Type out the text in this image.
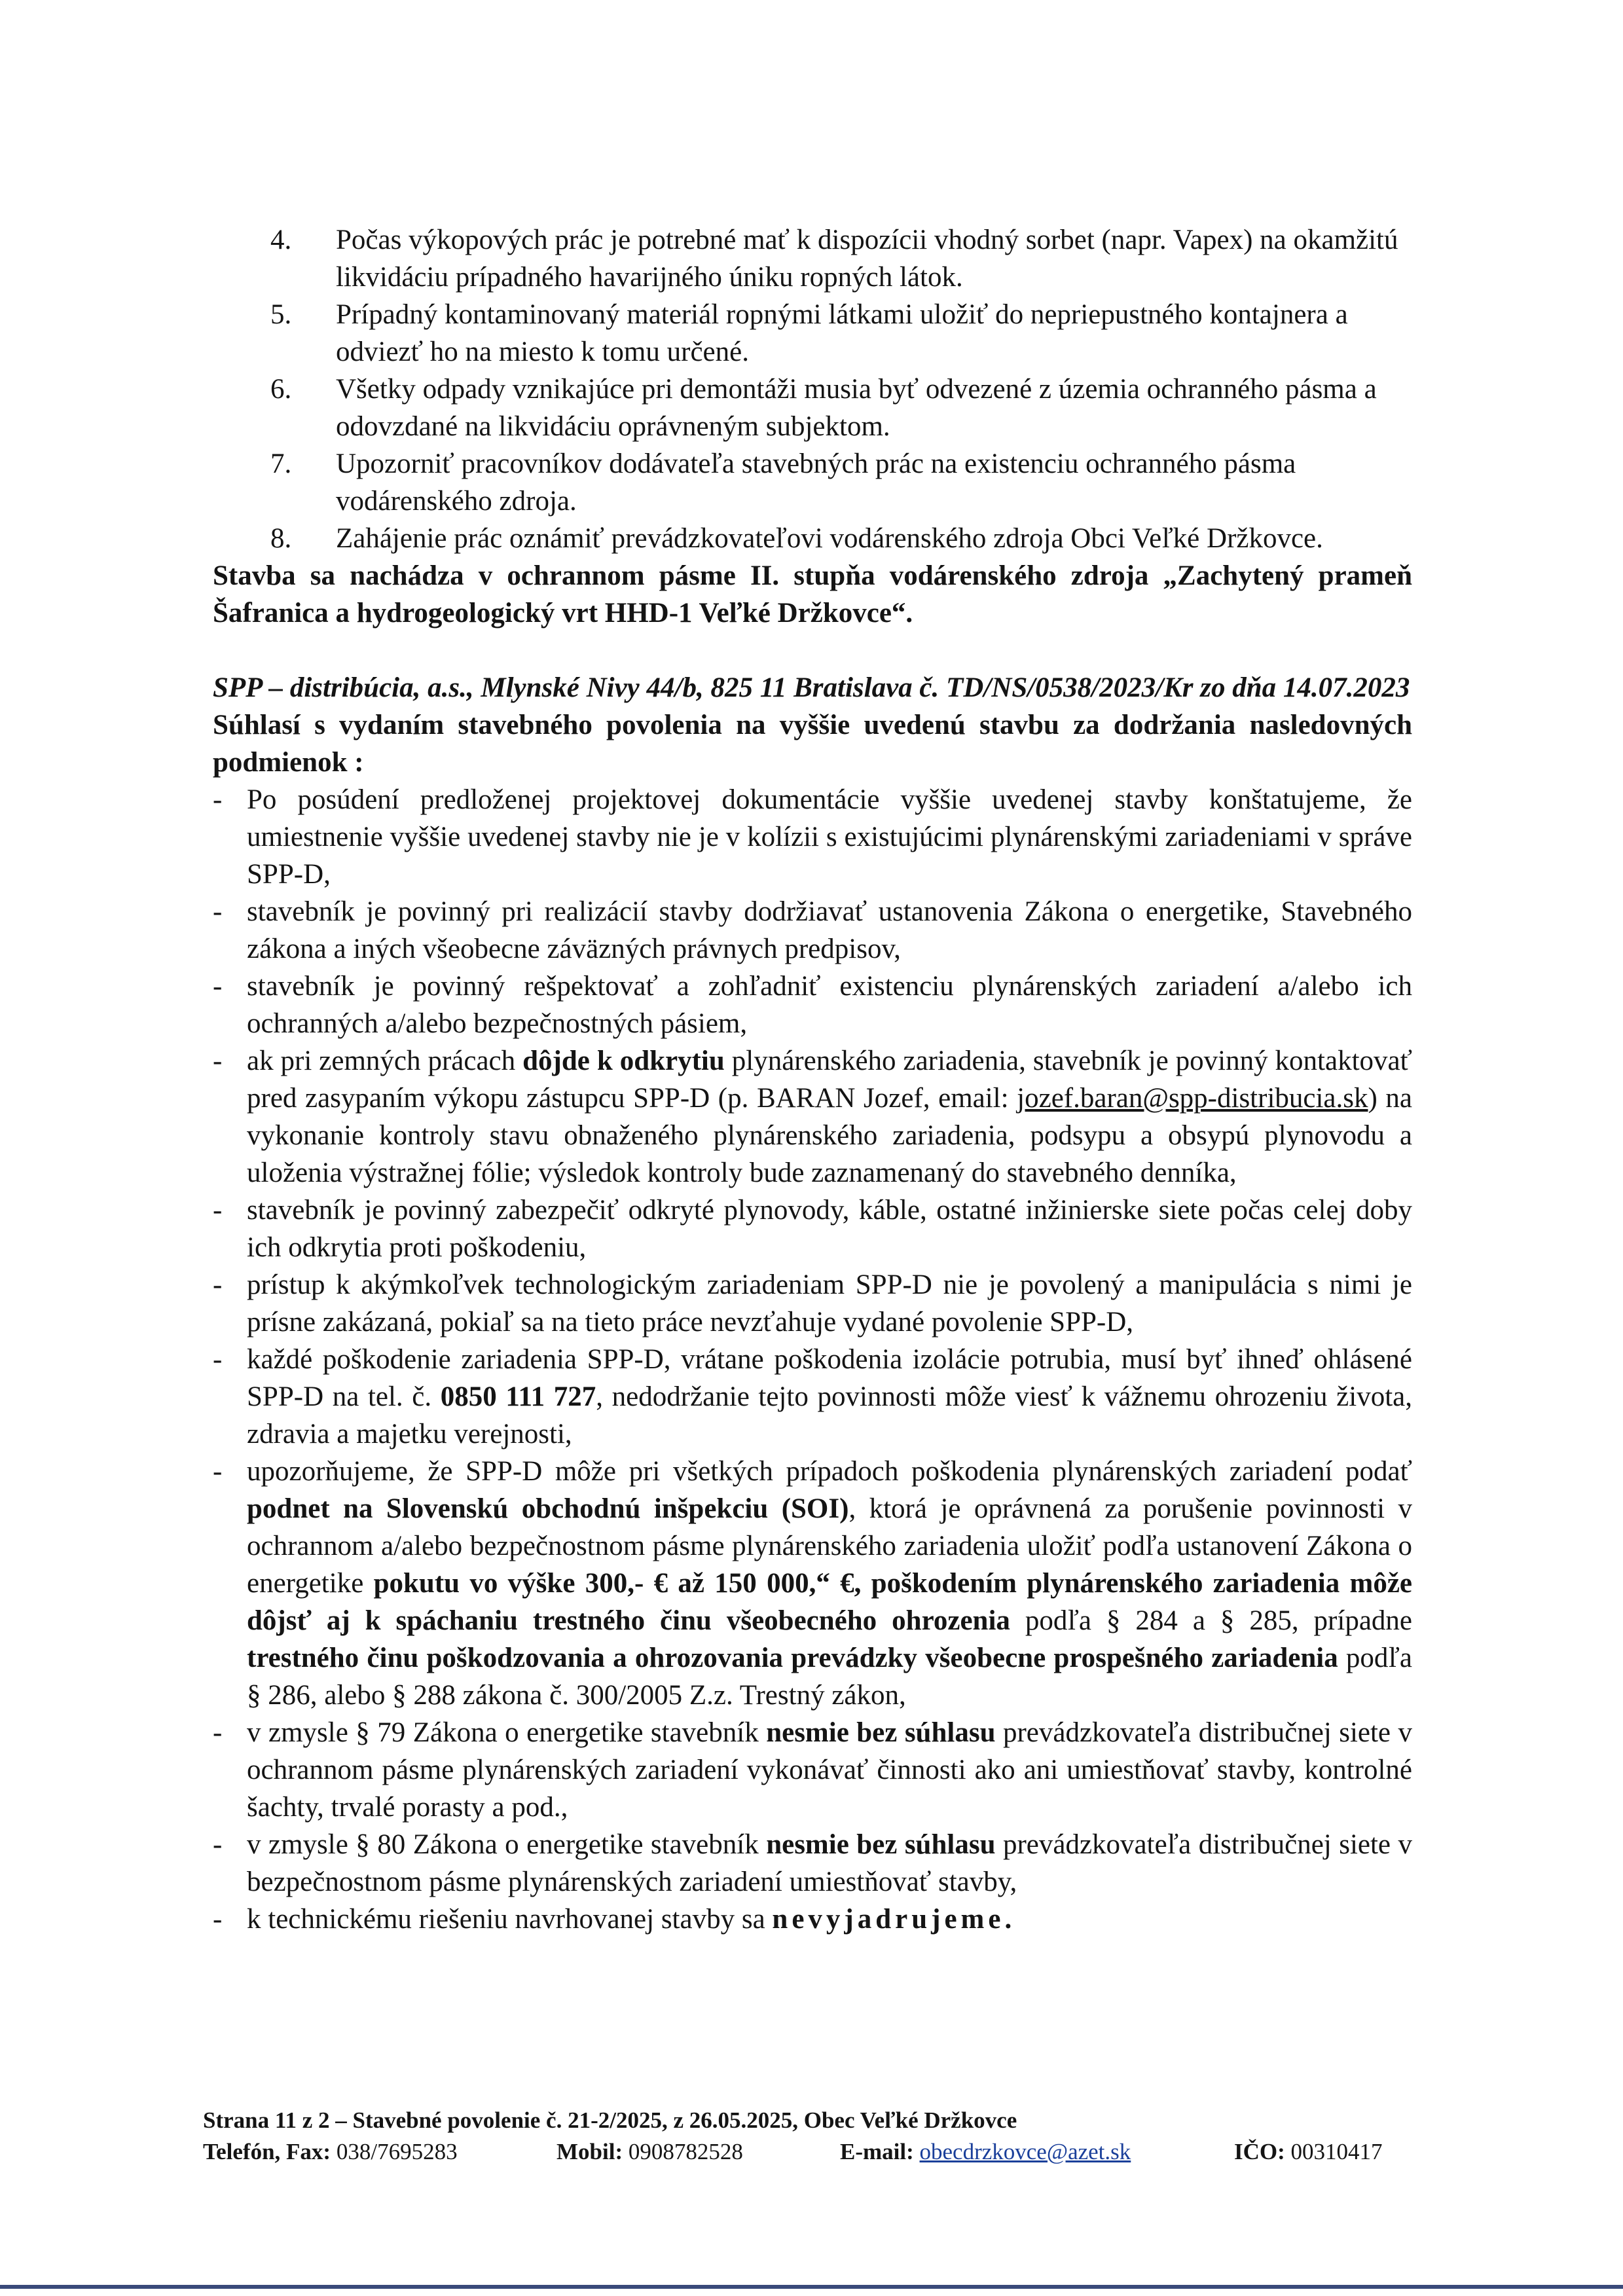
4.	Počas výkopových prác je potrebné mať k dispozícii vhodný sorbet (napr. Vapex) na okamžitú likvidáciu prípadného havarijného úniku ropných látok.
5.	Prípadný kontaminovaný materiál ropnými látkami uložiť do nepriepustného kontajnera a odviezť ho na miesto k tomu určené.
6.	Všetky odpady vznikajúce pri demontáži musia byť odvezené z územia ochranného pásma a odovzdané na likvidáciu oprávneným subjektom.
7.	Upozorniť pracovníkov dodávateľa stavebných prác na existenciu ochranného pásma vodárenského zdroja.
8.	Zahájenie prác oznámiť prevádzkovateľovi vodárenského zdroja Obci Veľké Držkovce.
Stavba sa nachádza v ochrannom pásme II. stupňa vodárenského zdroja „Zachytený prameň Šafranica a hydrogeologický vrt HHD-1 Veľké Držkovce“.
SPP – distribúcia, a.s., Mlynské Nivy 44/b, 825 11 Bratislava č. TD/NS/0538/2023/Kr zo dňa 14.07.2023
Súhlasí s vydaním stavebného povolenia na vyššie uvedenú stavbu za dodržania nasledovných podmienok :
- Po posúdení predloženej projektovej dokumentácie vyššie uvedenej stavby konštatujeme, že umiestnenie vyššie uvedenej stavby nie je v kolízii s existujúcimi plynárenskými zariadeniami v správe SPP-D,
- stavebník je povinný pri realizácií stavby dodržiavať ustanovenia Zákona o energetike, Stavebného zákona a iných všeobecne záväzných právnych predpisov,
- stavebník je povinný rešpektovať a zohľadniť existenciu plynárenských zariadení a/alebo ich ochranných a/alebo bezpečnostných pásiem,
- ak pri zemných prácach dôjde k odkrytiu plynárenského zariadenia, stavebník je povinný kontaktovať pred zasypaním výkopu zástupcu SPP-D (p. BARAN Jozef, email: jozef.baran@spp-distribucia.sk) na vykonanie kontroly stavu obnaženého plynárenského zariadenia, podsypu a obsypú plynovodu a uloženia výstražnej fólie; výsledok kontroly bude zaznamenaný do stavebného denníka,
- stavebník je povinný zabezpečiť odkryté plynovody, káble, ostatné inžinierske siete počas celej doby ich odkrytia proti poškodeniu,
- prístup k akýmkoľvek technologickým zariadeniam SPP-D nie je povolený a manipulácia s nimi je prísne zakázaná, pokiaľ sa na tieto práce nevzťahuje vydané povolenie SPP-D,
- každé poškodenie zariadenia SPP-D, vrátane poškodenia izolácie potrubia, musí byť ihneď ohlásené SPP-D na tel. č. 0850 111 727, nedodržanie tejto povinnosti môže viesť k vážnemu ohrozeniu života, zdravia a majetku verejnosti,
- upozorňujeme, že SPP-D môže pri všetkých prípadoch poškodenia plynárenských zariadení podať podnet na Slovenskú obchodnú inšpekciu (SOI), ktorá je oprávnená za porušenie povinnosti v ochrannom a/alebo bezpečnostnom pásme plynárenského zariadenia uložiť podľa ustanovení Zákona o energetike pokutu vo výške 300,- € až 150 000,“ €, poškodením plynárenského zariadenia môže dôjsť aj k spáchaniu trestného činu všeobecného ohrozenia podľa § 284 a § 285, prípadne trestného činu poškodzovania a ohrozovania prevádzky všeobecne prospešného zariadenia podľa § 286, alebo § 288 zákona č. 300/2005 Z.z. Trestný zákon,
- v zmysle § 79 Zákona o energetike stavebník nesmie bez súhlasu prevádzkovateľa distribučnej siete v ochrannom pásme plynárenských zariadení vykonávať činnosti ako ani umiestňovať stavby, kontrolné šachty, trvalé porasty a pod.,
- v zmysle § 80 Zákona o energetike stavebník nesmie bez súhlasu prevádzkovateľa distribučnej siete v bezpečnostnom pásme plynárenských zariadení umiestňovať stavby,
- k technickému riešeniu navrhovanej stavby sa nevyjadrujeme.
Strana 11 z 2 – Stavebné povolenie č. 21-2/2025, z 26.05.2025, Obec Veľké Držkovce
Telefón, Fax: 038/7695283	Mobil: 0908782528	E-mail: obecdrzkovce@azet.sk	IČO: 00310417
